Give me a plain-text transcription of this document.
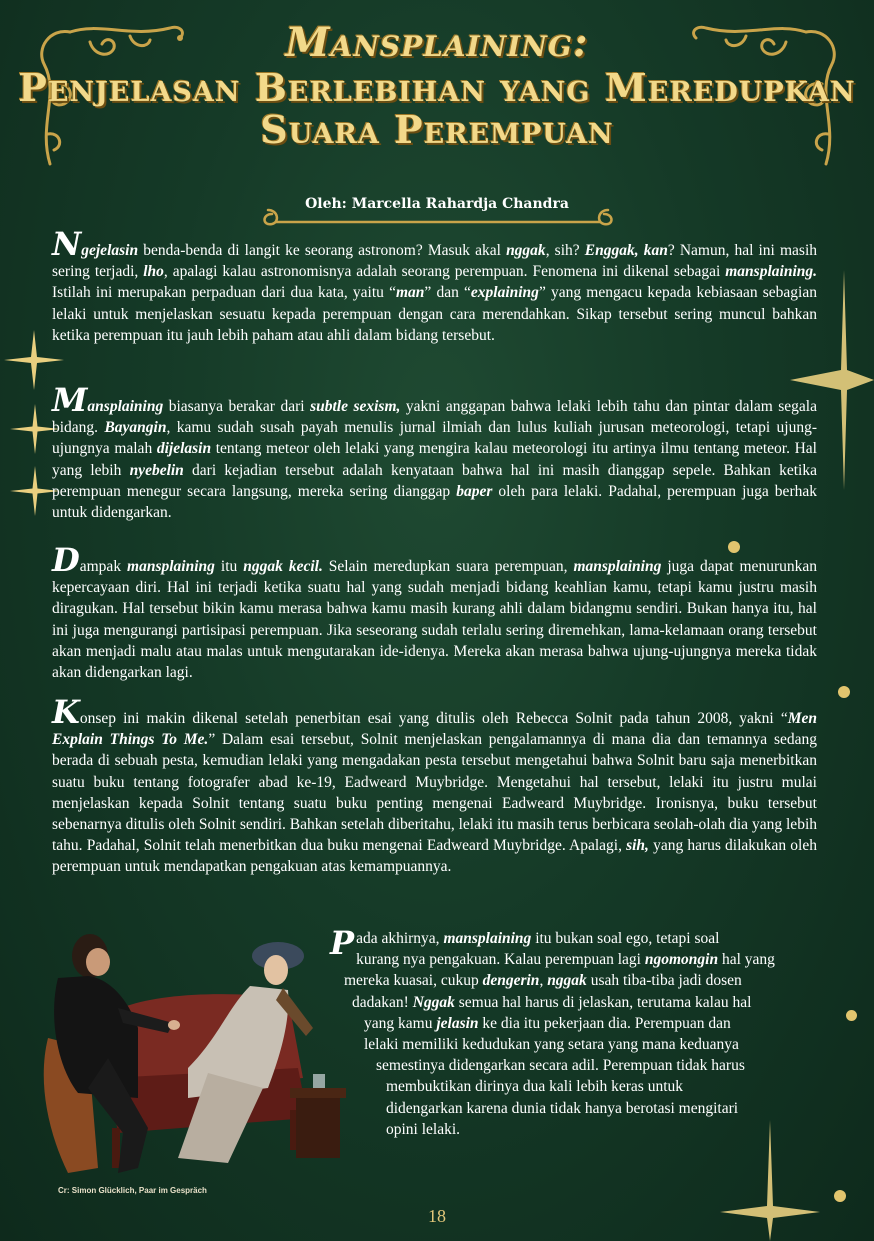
Mansplaining:
Penjelasan Berlebihan yang Meredupkan
Suara Perempuan
Oleh: Marcella Rahardja Chandra

Ngejelasin benda-benda di langit ke seorang astronom? Masuk akal nggak, sih? Enggak, kan? Namun, hal ini masih sering terjadi, lho, apalagi kalau astronomisnya adalah seorang perempuan. Fenomena ini dikenal sebagai mansplaining. Istilah ini merupakan perpaduan dari dua kata, yaitu “man” dan “explaining” yang mengacu kepada kebiasaan sebagian lelaki untuk menjelaskan sesuatu kepada perempuan dengan cara merendahkan. Sikap tersebut sering muncul bahkan ketika perempuan itu jauh lebih paham atau ahli dalam bidang tersebut.

Mansplaining biasanya berakar dari subtle sexism, yakni anggapan bahwa lelaki lebih tahu dan pintar dalam segala bidang. Bayangin, kamu sudah susah payah menulis jurnal ilmiah dan lulus kuliah jurusan meteorologi, tetapi ujung-ujungnya malah dijelasin tentang meteor oleh lelaki yang mengira kalau meteorologi itu artinya ilmu tentang meteor. Hal yang lebih nyebelin dari kejadian tersebut adalah kenyataan bahwa hal ini masih dianggap sepele. Bahkan ketika perempuan menegur secara langsung, mereka sering dianggap baper oleh para lelaki. Padahal, perempuan juga berhak untuk didengarkan.

Dampak mansplaining itu nggak kecil. Selain meredupkan suara perempuan, mansplaining juga dapat menurunkan kepercayaan diri. Hal ini terjadi ketika suatu hal yang sudah menjadi bidang keahlian kamu, tetapi kamu justru masih diragukan. Hal tersebut bikin kamu merasa bahwa kamu masih kurang ahli dalam bidangmu sendiri. Bukan hanya itu, hal ini juga mengurangi partisipasi perempuan. Jika seseorang sudah terlalu sering diremehkan, lama-kelamaan orang tersebut akan menjadi malu atau malas untuk mengutarakan ide-idenya. Mereka akan merasa bahwa ujung-ujungnya mereka tidak akan didengarkan lagi.

Konsep ini makin dikenal setelah penerbitan esai yang ditulis oleh Rebecca Solnit pada tahun 2008, yakni “Men Explain Things To Me.” Dalam esai tersebut, Solnit menjelaskan pengalamannya di mana dia dan temannya sedang berada di sebuah pesta, kemudian lelaki yang mengadakan pesta tersebut mengetahui bahwa Solnit baru saja menerbitkan suatu buku tentang fotografer abad ke-19, Eadweard Muybridge. Mengetahui hal tersebut, lelaki itu justru mulai menjelaskan kepada Solnit tentang suatu buku penting mengenai Eadweard Muybridge. Ironisnya, buku tersebut sebenarnya ditulis oleh Solnit sendiri. Bahkan setelah diberitahu, lelaki itu masih terus berbicara seolah-olah dia yang lebih tahu. Padahal, Solnit telah menerbitkan dua buku mengenai Eadweard Muybridge. Apalagi, sih, yang harus dilakukan oleh perempuan untuk mendapatkan pengakuan atas kemampuannya.

Cr: Simon Glücklich, Paar im Gespräch
P ada akhirnya, mansplaining itu bukan soal ego, tetapi soal
kurang nya pengakuan. Kalau perempuan lagi ngomongin hal yang
mereka kuasai, cukup dengerin, nggak usah tiba-tiba jadi dosen
dadakan! Nggak semua hal harus di jelaskan, terutama kalau hal
yang kamu jelasin ke dia itu pekerjaan dia. Perempuan dan
lelaki memiliki kedudukan yang setara yang mana keduanya
semestinya didengarkan secara adil. Perempuan tidak harus
membuktikan dirinya dua kali lebih keras untuk
didengarkan karena dunia tidak hanya berotasi mengitari
opini lelaki.
18
